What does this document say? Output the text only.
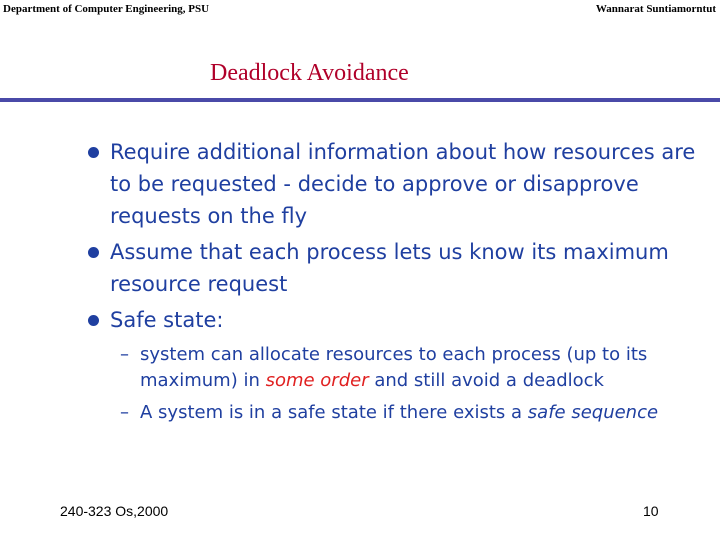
Department of Computer Engineering, PSU	Wannarat Suntiamorntut
Deadlock Avoidance
Require additional information about how resources are to be requested - decide to approve or disapprove requests on the fly
Assume that each process lets us know its maximum resource request
Safe state:
– system can allocate resources to each process (up to its maximum) in some order and still avoid a deadlock
– A system is in a safe state if there exists a safe sequence
240-323 Os,2000	10
